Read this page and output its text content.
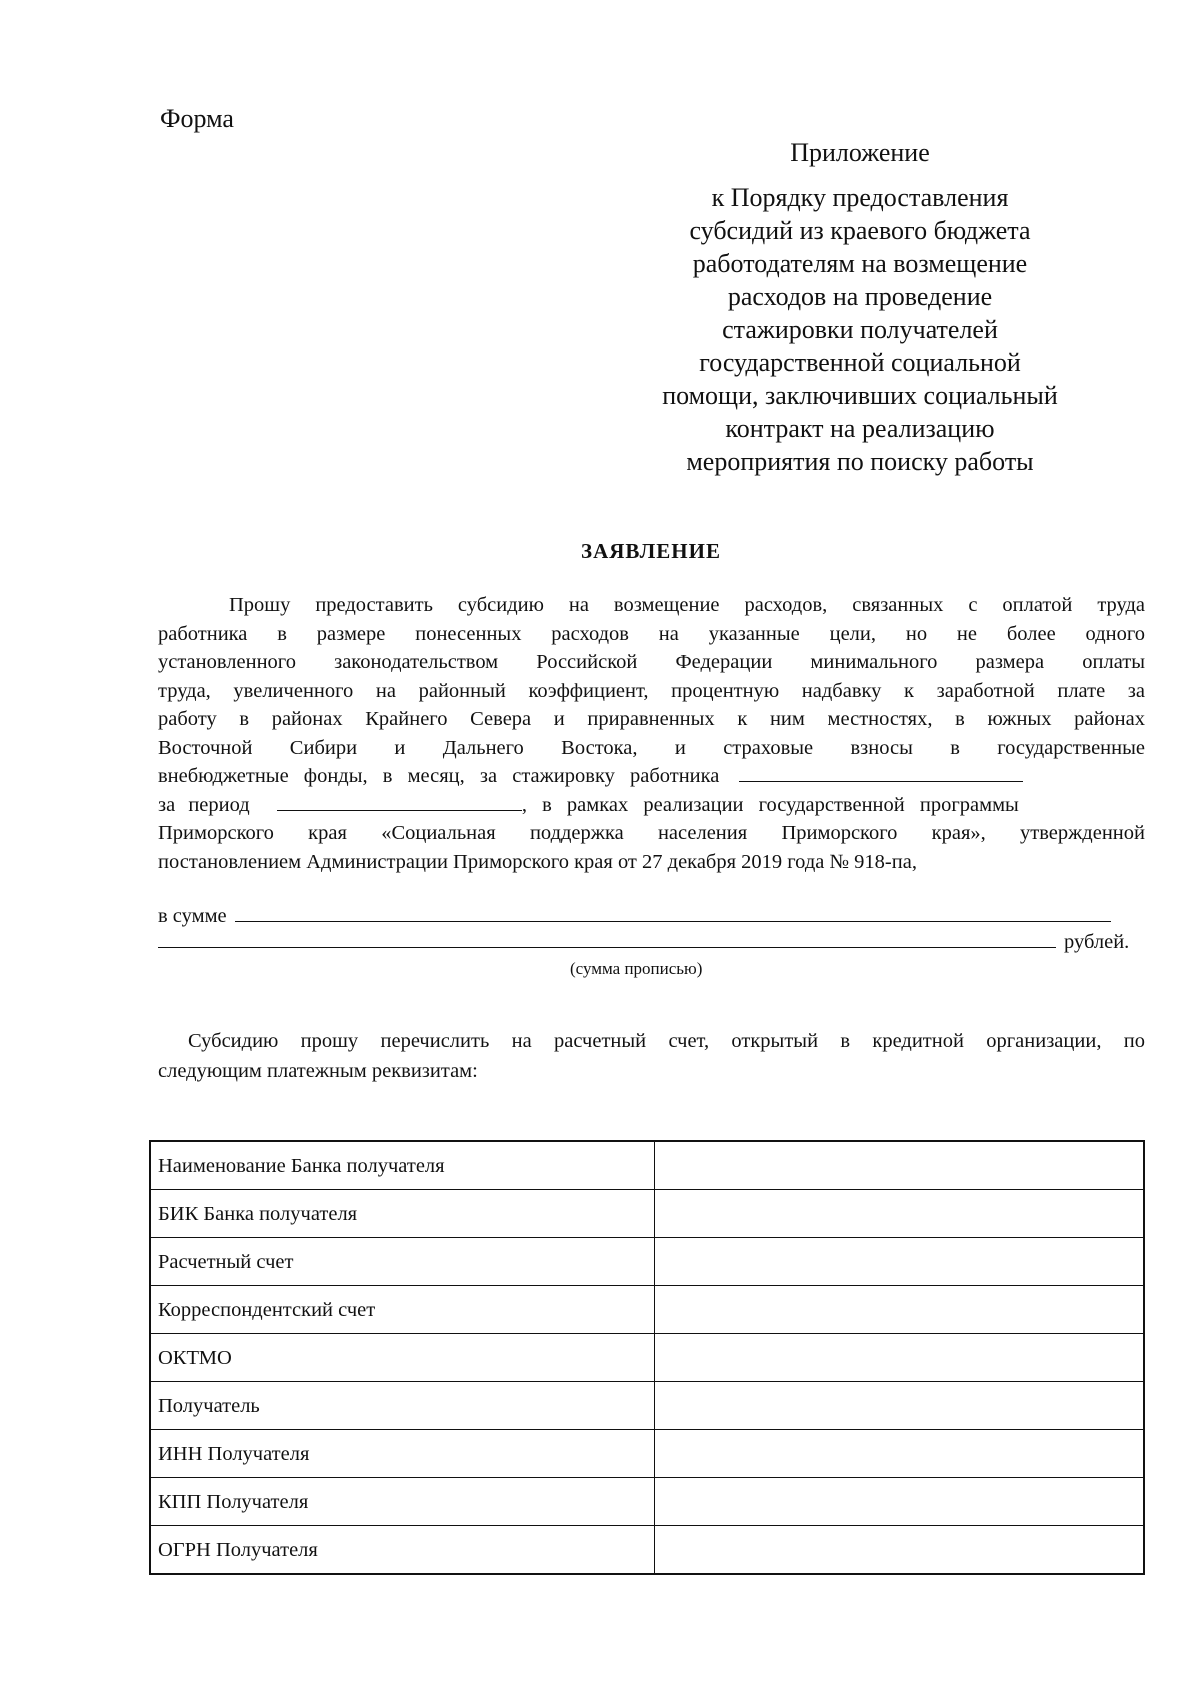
Форма
Приложение
к Порядку предоставления
субсидий из краевого бюджета
работодателям на возмещение
расходов на проведение
стажировки получателей
государственной социальной
помощи, заключивших социальный
контракт на реализацию
мероприятия по поиску работы
ЗАЯВЛЕНИЕ
Прошу предоставить субсидию на возмещение расходов, связанных с оплатой труда
работника в размере понесенных расходов на указанные цели, но не более одного
установленного законодательством Российской Федерации минимального размера оплаты
труда, увеличенного на районный коэффициент, процентную надбавку к заработной плате за
работу в районах Крайнего Севера и приравненных к ним местностях, в южных районах
Восточной Сибири и Дальнего Востока, и страховые взносы в государственные
внебюджетные фонды, в месяц, за стажировку работника
за период	, в рамках реализации государственной программы
Приморского края «Социальная поддержка населения Приморского края», утвержденной
постановлением Администрации Приморского края от 27 декабря 2019 года № 918-па,
в сумме
рублей.
(сумма прописью)
Субсидию прошу перечислить на расчетный счет, открытый в кредитной организации, по
следующим платежным реквизитам:
Наименование Банка получателя	
БИК Банка получателя	
Расчетный счет	
Корреспондентский счет	
ОКТМО	
Получатель	
ИНН Получателя	
КПП Получателя	
ОГРН Получателя	
